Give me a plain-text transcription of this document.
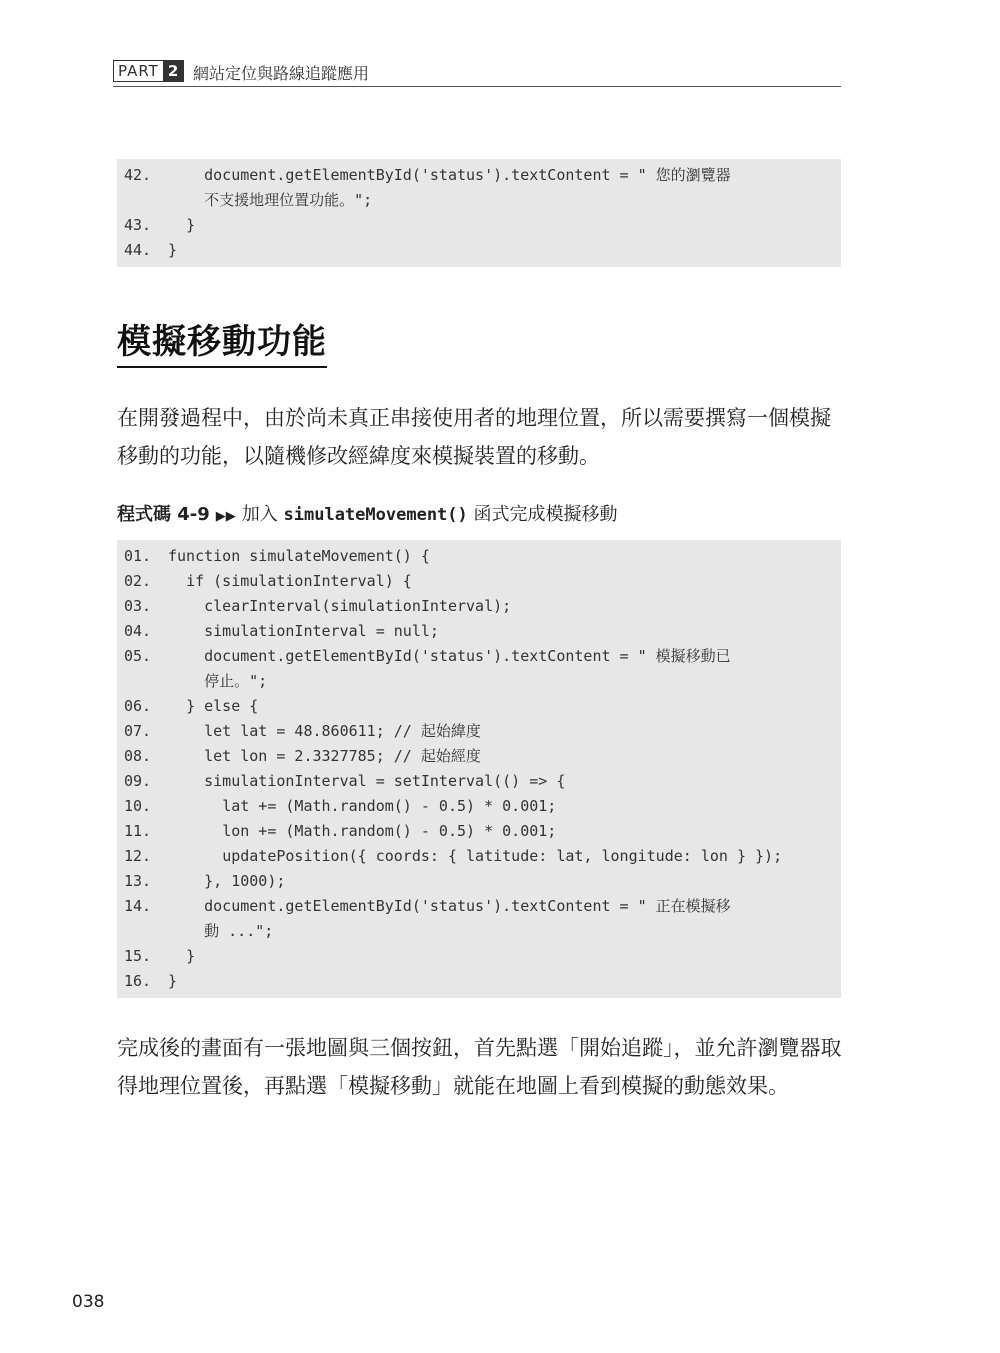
PART 2 網站定位與路線追蹤應用
42.	document.getElementById('status').textContent = " 您的瀏覽器
不支援地理位置功能。";
43.	}
44.	}
模擬移動功能

在開發過程中，由於尚未真正串接使用者的地理位置，所以需要撰寫一個模擬移動的功能，以隨機修改經緯度來模擬裝置的移動。

程式碼 4-9 ▶▶ 加入 simulateMovement() 函式完成模擬移動
01.	function simulateMovement() {
02.	if (simulationInterval) {
03.	clearInterval(simulationInterval);
04.	simulationInterval = null;
05.	document.getElementById('status').textContent = " 模擬移動已
停止。";
06.	} else {
07.	let lat = 48.860611; // 起始緯度
08.	let lon = 2.3327785; // 起始經度
09.	simulationInterval = setInterval(() => {
10.	lat += (Math.random() - 0.5) * 0.001;
11.	lon += (Math.random() - 0.5) * 0.001;
12.	updatePosition({ coords: { latitude: lat, longitude: lon } });
13.	}, 1000);
14.	document.getElementById('status').textContent = " 正在模擬移
動 ...";
15.	}
16.	}

完成後的畫面有一張地圖與三個按鈕，首先點選「開始追蹤」，並允許瀏覽器取得地理位置後，再點選「模擬移動」就能在地圖上看到模擬的動態效果。

038
